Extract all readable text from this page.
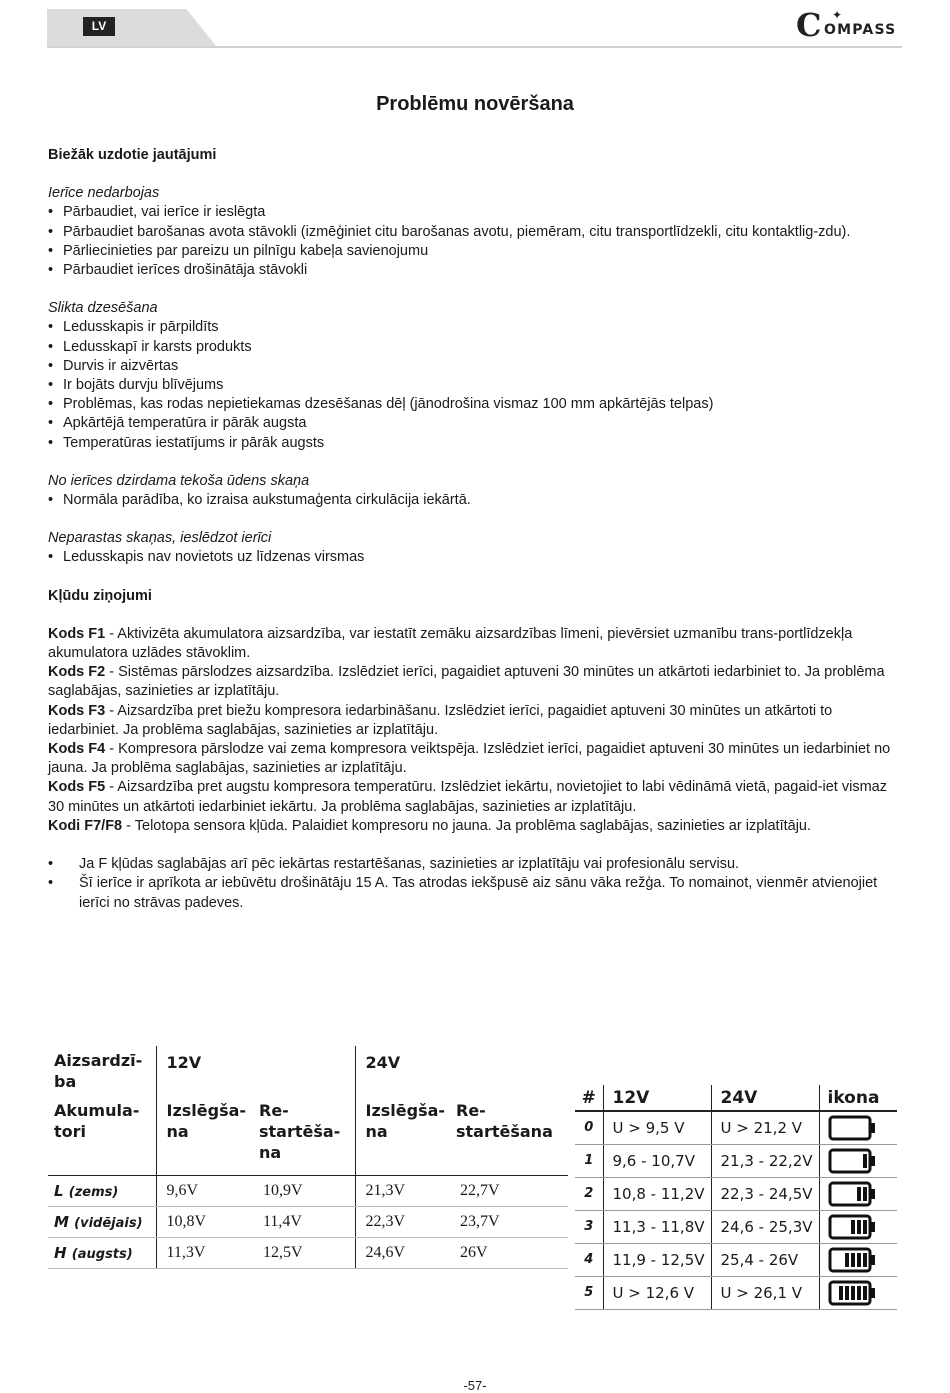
LV	C ✦
OMPASS
Problēmu novēršana
Biežāk uzdotie jautājumi
Ierīce nedarbojas
• Pārbaudiet, vai ierīce ir ieslēgta
• Pārbaudiet barošanas avota stāvokli (izmēģiniet citu barošanas avotu, piemēram, citu transportlīdzekli, citu kontaktlig-zdu).
• Pārliecinieties par pareizu un pilnīgu kabeļa savienojumu
• Pārbaudiet ierīces drošinātāja stāvokli
Slikta dzesēšana
• Ledusskapis ir pārpildīts
• Ledusskapī ir karsts produkts
• Durvis ir aizvērtas
• Ir bojāts durvju blīvējums
• Problēmas, kas rodas nepietiekamas dzesēšanas dēļ (jānodrošina vismaz 100 mm apkārtējās telpas)
• Apkārtējā temperatūra ir pārāk augsta
• Temperatūras iestatījums ir pārāk augsts
No ierīces dzirdama tekoša ūdens skaņa
• Normāla parādība, ko izraisa aukstumaģenta cirkulācija iekārtā.
Neparastas skaņas, ieslēdzot ierīci
• Ledusskapis nav novietots uz līdzenas virsmas
Kļūdu ziņojumi
Kods F1 - Aktivizēta akumulatora aizsardzība, var iestatīt zemāku aizsardzības līmeni, pievērsiet uzmanību trans-portlīdzekļa akumulatora uzlādes stāvoklim.
Kods F2 - Sistēmas pārslodzes aizsardzība. Izslēdziet ierīci, pagaidiet aptuveni 30 minūtes un atkārtoti iedarbiniet to. Ja problēma saglabājas, sazinieties ar izplatītāju.
Kods F3 - Aizsardzība pret biežu kompresora iedarbināšanu. Izslēdziet ierīci, pagaidiet aptuveni 30 minūtes un atkārtoti to iedarbiniet. Ja problēma saglabājas, sazinieties ar izplatītāju.
Kods F4 - Kompresora pārslodze vai zema kompresora veiktspēja. Izslēdziet ierīci, pagaidiet aptuveni 30 minūtes un iedarbiniet no jauna. Ja problēma saglabājas, sazinieties ar izplatītāju.
Kods F5 - Aizsardzība pret augstu kompresora temperatūru. Izslēdziet iekārtu, novietojiet to labi vēdināmā vietā, pagaid-iet vismaz 30 minūtes un atkārtoti iedarbiniet iekārtu. Ja problēma saglabājas, sazinieties ar izplatītāju.
Kodi F7/F8 - Telotopa sensora kļūda. Palaidiet kompresoru no jauna. Ja problēma saglabājas, sazinieties ar izplatītāju.
•	Ja F kļūdas saglabājas arī pēc iekārtas restartēšanas, sazinieties ar izplatītāju vai profesionālu servisu.
•	Šī ierīce ir aprīkota ar iebūvētu drošinātāju 15 A. Tas atrodas iekšpusē aiz sānu vāka režģa. To nomainot, vienmēr atvienojiet ierīci no strāvas padeves.
Aizsardzī-ba	12V		24V	
Akumula-tori	Izslēgša-na	Re-startēša-na	Izslēgša-na	Re-startēšana
L (zems)	9,6V	10,9V	21,3V	22,7V
M (vidējais)	10,8V	11,4V	22,3V	23,7V
H (augsts)	11,3V	12,5V	24,6V	26V
#	12V	24V	ikona
0	U > 9,5 V	U > 21,2 V	

1	9,6 - 10,7V	21,3 - 22,2V	

2	10,8 - 11,2V	22,3 - 24,5V	

3	11,3 - 11,8V	24,6 - 25,3V	

4	11,9 - 12,5V	25,4 - 26V	

5	U > 12,6 V	U > 26,1 V	
-57-
